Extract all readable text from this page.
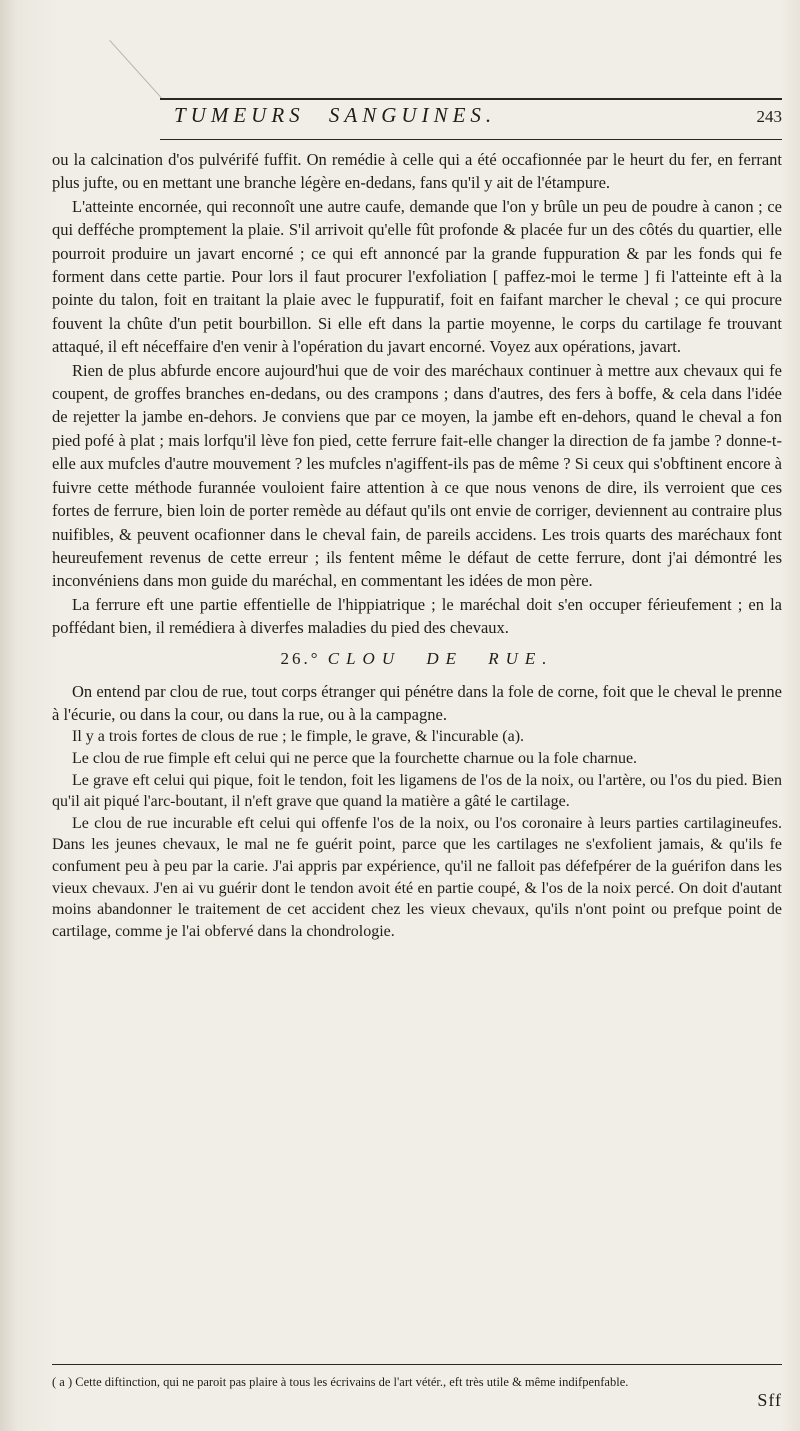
TUMEURS SANGUINES.	243

ou la calcination d'os pulvérifé fuffit. On remédie à celle qui a été occafionnée par le heurt du fer, en ferrant plus jufte, ou en mettant une branche légère en-dedans, fans qu'il y ait de l'étampure.

L'atteinte encornée, qui reconnoît une autre caufe, demande que l'on y brûle un peu de poudre à canon ; ce qui defféche promptement la plaie. S'il arrivoit qu'elle fût profonde & placée fur un des côtés du quartier, elle pourroit produire un javart encorné ; ce qui eft annoncé par la grande fuppuration & par les fonds qui fe forment dans cette partie. Pour lors il faut procurer l'exfoliation [ paffez-moi le terme ] fi l'atteinte eft à la pointe du talon, foit en traitant la plaie avec le fuppuratif, foit en faifant marcher le cheval ; ce qui procure fouvent la chûte d'un petit bourbillon. Si elle eft dans la partie moyenne, le corps du cartilage fe trouvant attaqué, il eft néceffaire d'en venir à l'opération du javart encorné. Voyez aux opérations, javart.

Rien de plus abfurde encore aujourd'hui que de voir des maréchaux continuer à mettre aux chevaux qui fe coupent, de groffes branches en-dedans, ou des crampons ; dans d'autres, des fers à boffe, & cela dans l'idée de rejetter la jambe en-dehors. Je conviens que par ce moyen, la jambe eft en-dehors, quand le cheval a fon pied pofé à plat ; mais lorfqu'il lève fon pied, cette ferrure fait-elle changer la direction de fa jambe ? donne-t-elle aux mufcles d'autre mouvement ? les mufcles n'agiffent-ils pas de même ? Si ceux qui s'obftinent encore à fuivre cette méthode furannée vouloient faire attention à ce que nous venons de dire, ils verroient que ces fortes de ferrure, bien loin de porter remède au défaut qu'ils ont envie de corriger, deviennent au contraire plus nuifibles, & peuvent ocafionner dans le cheval fain, de pareils accidens. Les trois quarts des maréchaux font heureufement revenus de cette erreur ; ils fentent même le défaut de cette ferrure, dont j'ai démontré les inconvéniens dans mon guide du maréchal, en commentant les idées de mon père.

La ferrure eft une partie effentielle de l'hippiatrique ; le maréchal doit s'en occuper férieufement ; en la poffédant bien, il remédiera à diverfes maladies du pied des chevaux.

26.° CLOU DE RUE.

On entend par clou de rue, tout corps étranger qui pénétre dans la fole de corne, foit que le cheval le prenne à l'écurie, ou dans la cour, ou dans la rue, ou à la campagne.

Il y a trois fortes de clous de rue ; le fimple, le grave, & l'incurable (a).

Le clou de rue fimple eft celui qui ne perce que la fourchette charnue ou la fole charnue.

Le grave eft celui qui pique, foit le tendon, foit les ligamens de l'os de la noix, ou l'artère, ou l'os du pied. Bien qu'il ait piqué l'arc-boutant, il n'eft grave que quand la matière a gâté le cartilage.

Le clou de rue incurable eft celui qui offenfe l'os de la noix, ou l'os coronaire à leurs parties cartilagineufes. Dans les jeunes chevaux, le mal ne fe guérit point, parce que les cartilages ne s'exfolient jamais, & qu'ils fe confument peu à peu par la carie. J'ai appris par expérience, qu'il ne falloit pas défefpérer de la guérifon dans les vieux chevaux. J'en ai vu guérir dont le tendon avoit été en partie coupé, & l'os de la noix percé. On doit d'autant moins abandonner le traitement de cet accident chez les vieux chevaux, qu'ils n'ont point ou prefque point de cartilage, comme je l'ai obfervé dans la chondrologie.

( a ) Cette diftinction, qui ne paroit pas plaire à tous les écrivains de l'art vétér., eft très utile & même indifpenfable.
Sff
